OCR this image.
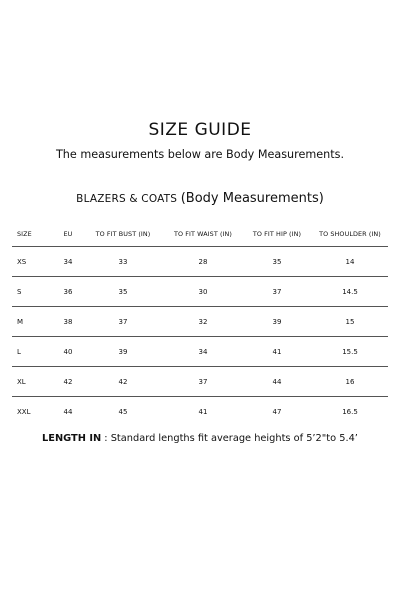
SIZE GUIDE
The measurements below are Body Measurements.
BLAZERS & COATS (Body Measurements)
SIZE	EU	TO FIT BUST (IN)	TO FIT WAIST (IN)	TO FIT HIP (IN)	TO SHOULDER (IN)
XS	34	33	28	35	14
S	36	35	30	37	14.5
M	38	37	32	39	15
L	40	39	34	41	15.5
XL	42	42	37	44	16
XXL	44	45	41	47	16.5
LENGTH IN : Standard lengths fit average heights of 5’2"to 5.4’
